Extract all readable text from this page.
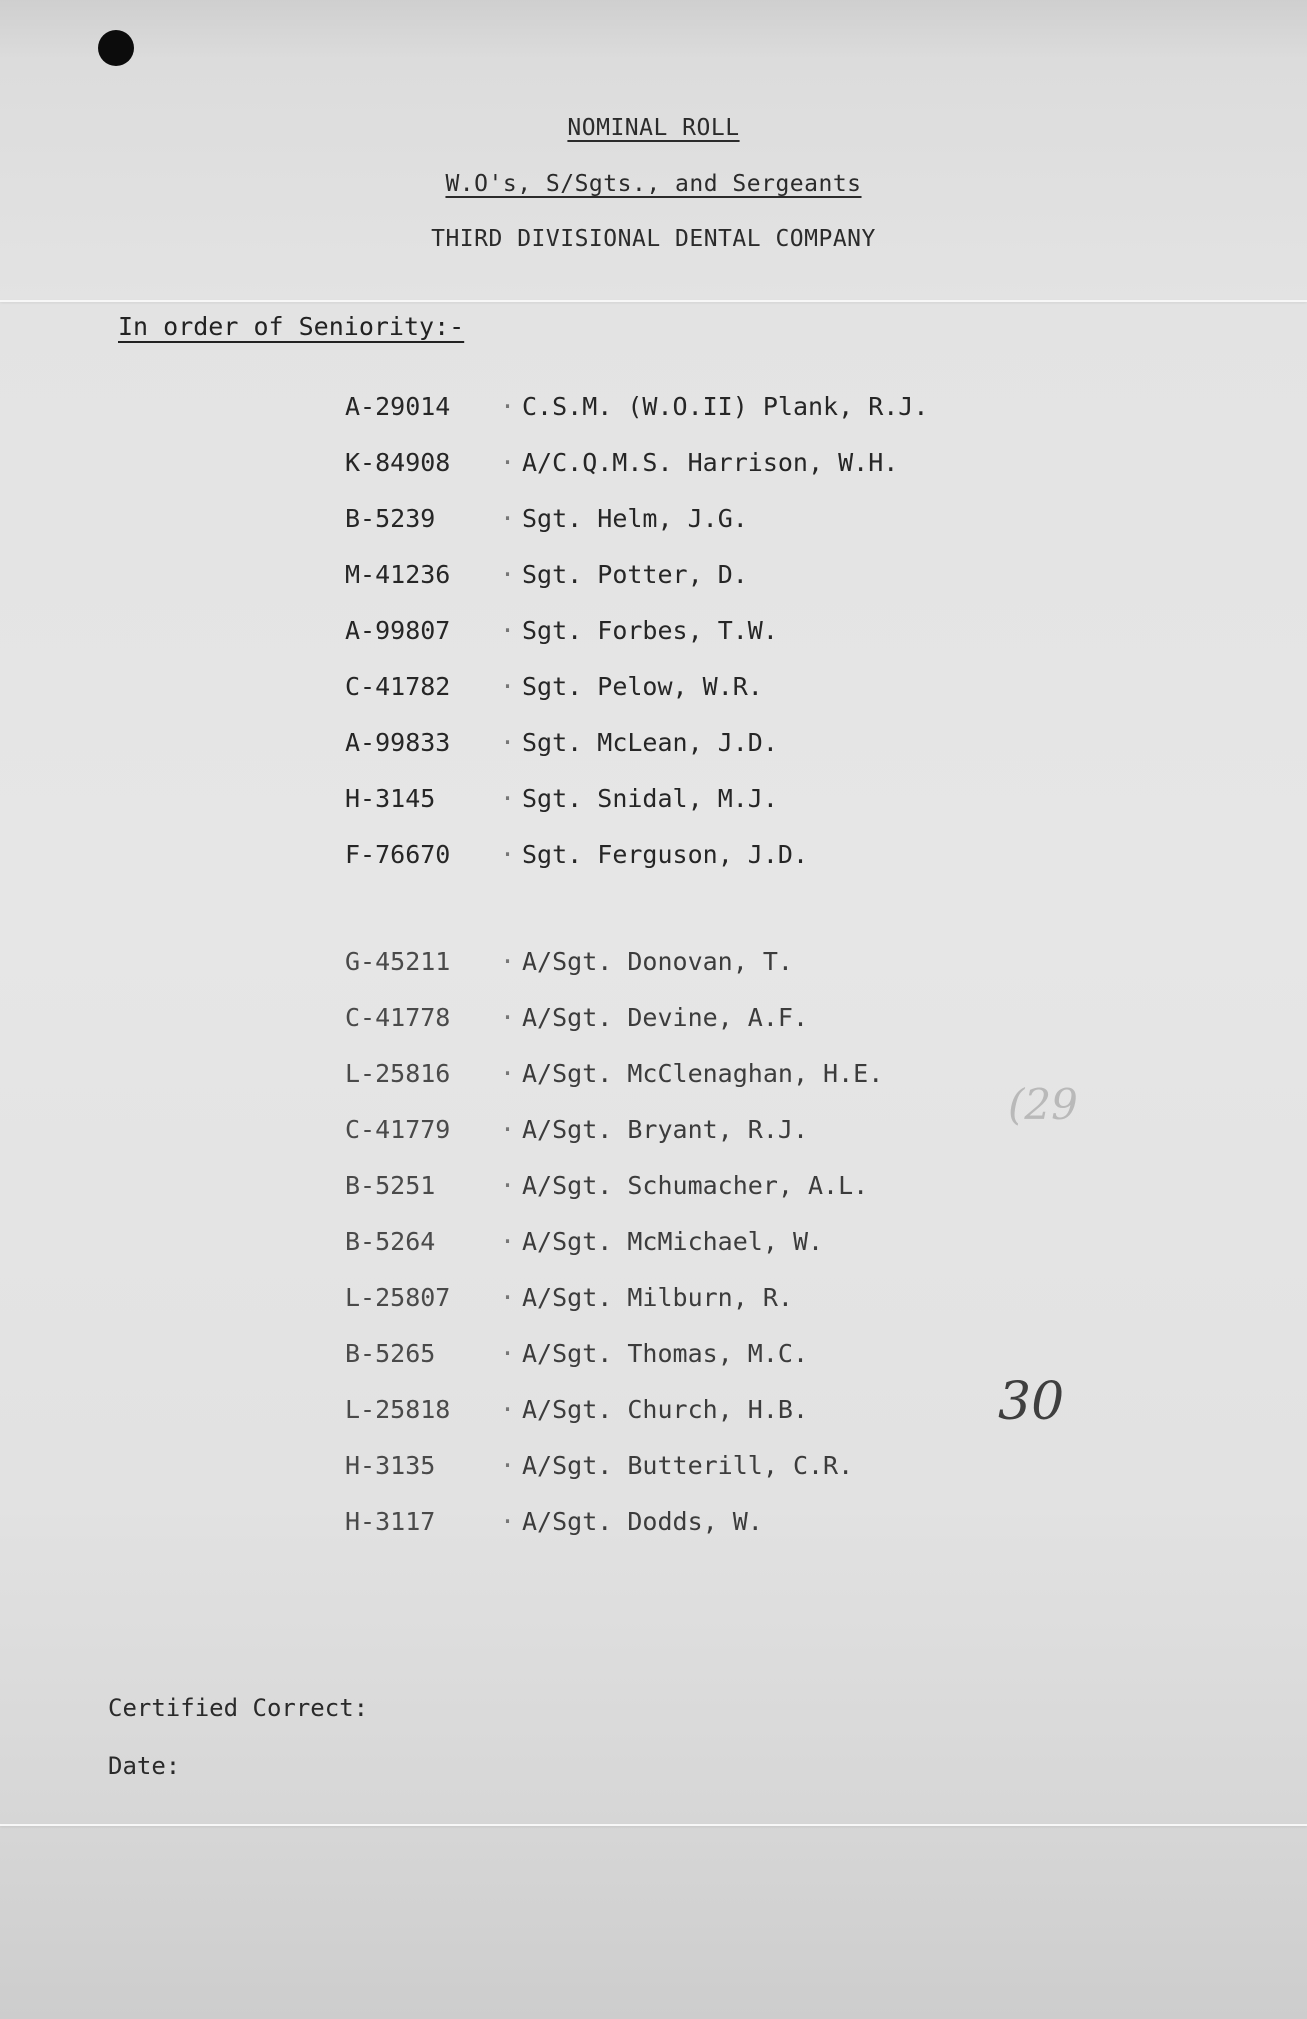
NOMINAL ROLL
W.O's, S/Sgts., and Sergeants
THIRD DIVISIONAL DENTAL COMPANY
In order of Seniority:-
A-29014 · C.S.M. (W.O.II) Plank, R.J.
K-84908 · A/C.Q.M.S. Harrison, W.H.
B-5239	· Sgt. Helm, J.G.
M-41236 · Sgt. Potter, D.
A-99807 · Sgt. Forbes, T.W.
C-41782 · Sgt. Pelow, W.R.
A-99833 · Sgt. McLean, J.D.
H-3145	· Sgt. Snidal, M.J.
F-76670 · Sgt. Ferguson, J.D.
G-45211 · A/Sgt. Donovan, T.
C-41778 · A/Sgt. Devine, A.F.
L-25816 · A/Sgt. McClenaghan, H.E.
C-41779 · A/Sgt. Bryant, R.J.
B-5251	· A/Sgt. Schumacher, A.L.
B-5264	· A/Sgt. McMichael, W.
L-25807 · A/Sgt. Milburn, R.
B-5265	· A/Sgt. Thomas, M.C.
L-25818 · A/Sgt. Church, H.B.
H-3135	· A/Sgt. Butterill, C.R.
H-3117	· A/Sgt. Dodds, W.
Certified Correct:
Date:
(29
30
